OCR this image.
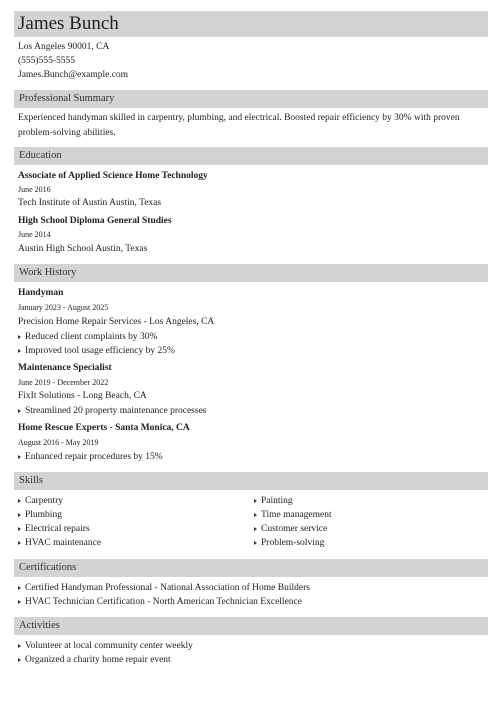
James Bunch
Los Angeles 90001, CA
(555)555-5555
James.Bunch@example.com
Professional Summary
Experienced handyman skilled in carpentry, plumbing, and electrical. Boosted repair efficiency by 30% with proven problem-solving abilities.
Education
Associate of Applied Science Home Technology
June 2016
Tech Institute of Austin Austin, Texas
High School Diploma General Studies
June 2014
Austin High School Austin, Texas
Work History
Handyman
January 2023 - August 2025
Precision Home Repair Services - Los Angeles, CA
Reduced client complaints by 30%
Improved tool usage efficiency by 25%
Maintenance Specialist
June 2019 - December 2022
FixIt Solutions - Long Beach, CA
Streamlined 20 property maintenance processes
Home Rescue Experts - Santa Monica, CA
August 2016 - May 2019
Enhanced repair procedures by 15%
Skills
Carpentry
Plumbing
Electrical repairs
HVAC maintenance
Painting
Time management
Customer service
Problem-solving
Certifications
Certified Handyman Professional - National Association of Home Builders
HVAC Technician Certification - North American Technician Excellence
Activities
Volunteer at local community center weekly
Organized a charity home repair event
